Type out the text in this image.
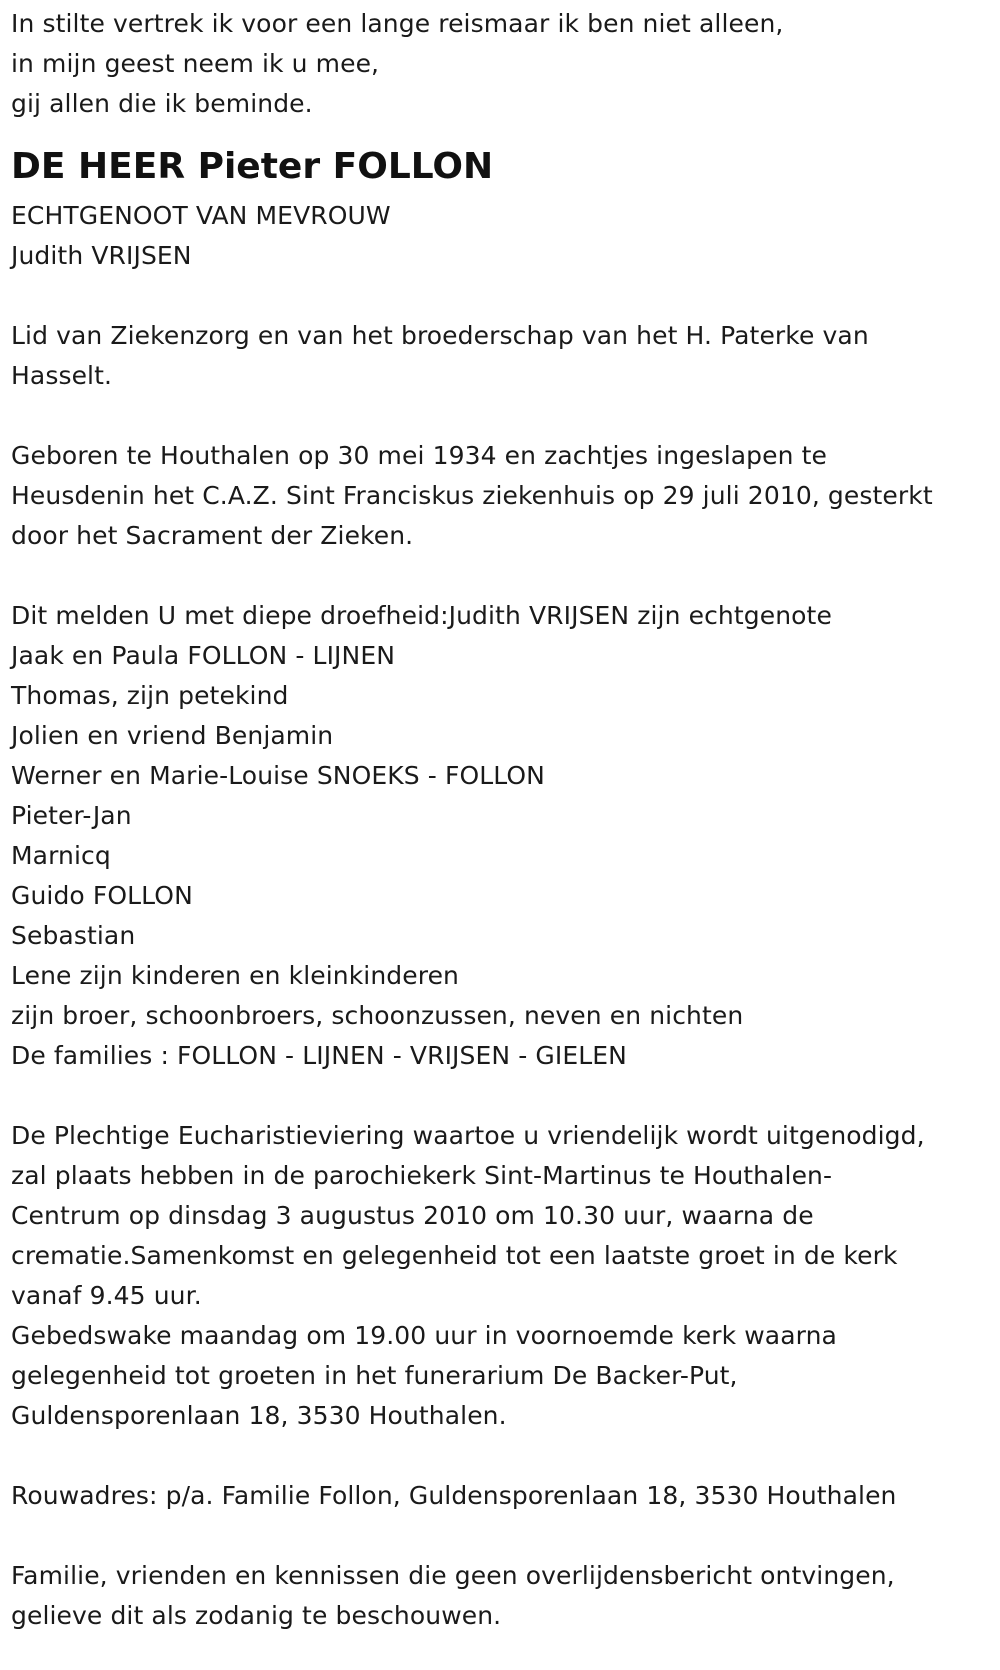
In stilte vertrek ik voor een lange reismaar ik ben niet alleen,
in mijn geest neem ik u mee,
gij allen die ik beminde.
DE HEER Pieter FOLLON
ECHTGENOOT VAN MEVROUW
Judith VRIJSEN
Lid van Ziekenzorg en van het broederschap van het H. Paterke van
Hasselt.
Geboren te Houthalen op 30 mei 1934 en zachtjes ingeslapen te
Heusdenin het C.A.Z. Sint Franciskus ziekenhuis op 29 juli 2010, gesterkt
door het Sacrament der Zieken.
Dit melden U met diepe droefheid:Judith VRIJSEN zijn echtgenote
Jaak en Paula FOLLON - LIJNEN
Thomas, zijn petekind
Jolien en vriend Benjamin
Werner en Marie-Louise SNOEKS - FOLLON
Pieter-Jan
Marnicq
Guido FOLLON
Sebastian
Lene zijn kinderen en kleinkinderen
zijn broer, schoonbroers, schoonzussen, neven en nichten
De families : FOLLON - LIJNEN - VRIJSEN - GIELEN
De Plechtige Eucharistieviering waartoe u vriendelijk wordt uitgenodigd,
zal plaats hebben in de parochiekerk Sint-Martinus te Houthalen-
Centrum op dinsdag 3 augustus 2010 om 10.30 uur, waarna de
crematie.Samenkomst en gelegenheid tot een laatste groet in de kerk
vanaf 9.45 uur.
Gebedswake maandag om 19.00 uur in voornoemde kerk waarna
gelegenheid tot groeten in het funerarium De Backer-Put,
Guldensporenlaan 18, 3530 Houthalen.
Rouwadres: p/a. Familie Follon, Guldensporenlaan 18, 3530 Houthalen
Familie, vrienden en kennissen die geen overlijdensbericht ontvingen,
gelieve dit als zodanig te beschouwen.
